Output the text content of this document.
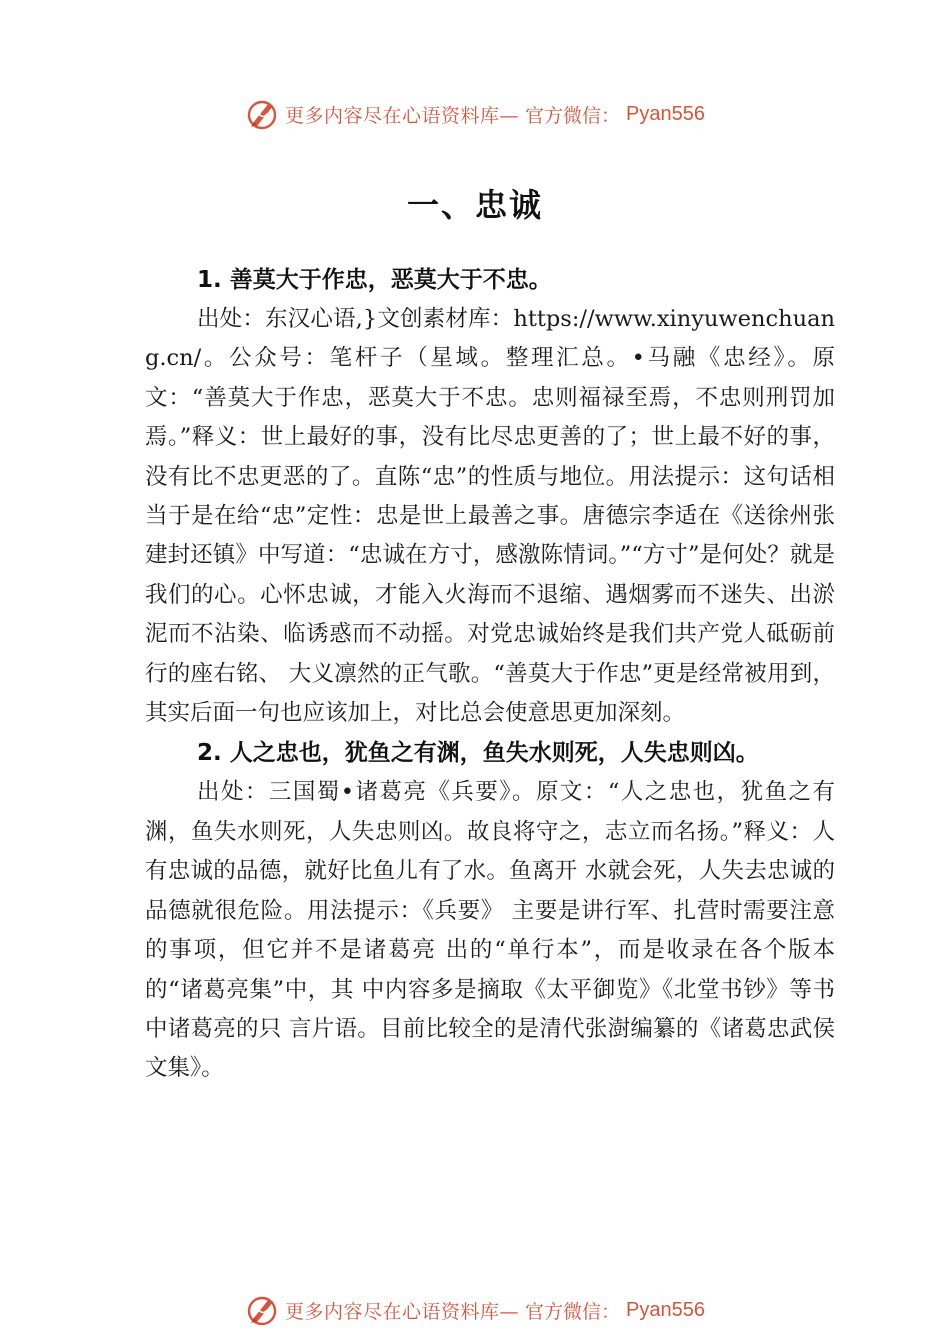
更多内容尽在心语资料库— 官方微信： Pyan556
一、忠诚
1. 善莫大于作忠，恶莫大于不忠。

出处：东汉心语,}文创素材库：https://www.xinyuwenchuang.cn/。公众号：笔杆子（星域。整理汇总。•马融《忠经》。原文：“善莫大于作忠，恶莫大于不忠。忠则福禄至焉，不忠则刑罚加焉。”释义：世上最好的事，没有比尽忠更善的了；世上最不好的事，没有比不忠更恶的了。直陈“忠”的性质与地位。用法提示：这句话相当于是在给“忠”定性：忠是世上最善之事。唐德宗李适在《送徐州张建封还镇》中写道：“忠诚在方寸，感激陈情词。”“方寸”是何处？就是我们的心。心怀忠诚，才能入火海而不退缩、遇烟雾而不迷失、出淤泥而不沾染、临诱惑而不动摇。对党忠诚始终是我们共产党人砥砺前行的座右铭、 大义凛然的正气歌。“善莫大于作忠”更是经常被用到，其实后面一句也应该加上，对比总会使意思更加深刻。

2. 人之忠也，犹鱼之有渊，鱼失水则死，人失忠则凶。

出处：三国蜀•诸葛亮《兵要》。原文：“人之忠也，犹鱼之有渊，鱼失水则死，人失忠则凶。故良将守之，志立而名扬。”释义：人有忠诚的品德，就好比鱼儿有了水。鱼离开 水就会死，人失去忠诚的品德就很危险。用法提示：《兵要》 主要是讲行军、扎营时需要注意的事项，但它并不是诸葛亮 出的“单行本”，而是收录在各个版本的“诸葛亮集”中，其 中内容多是摘取《太平御览》《北堂书钞》等书中诸葛亮的只 言片语。目前比较全的是清代张澍编纂的《诸葛忠武侯文集》。

更多内容尽在心语资料库— 官方微信： Pyan556
